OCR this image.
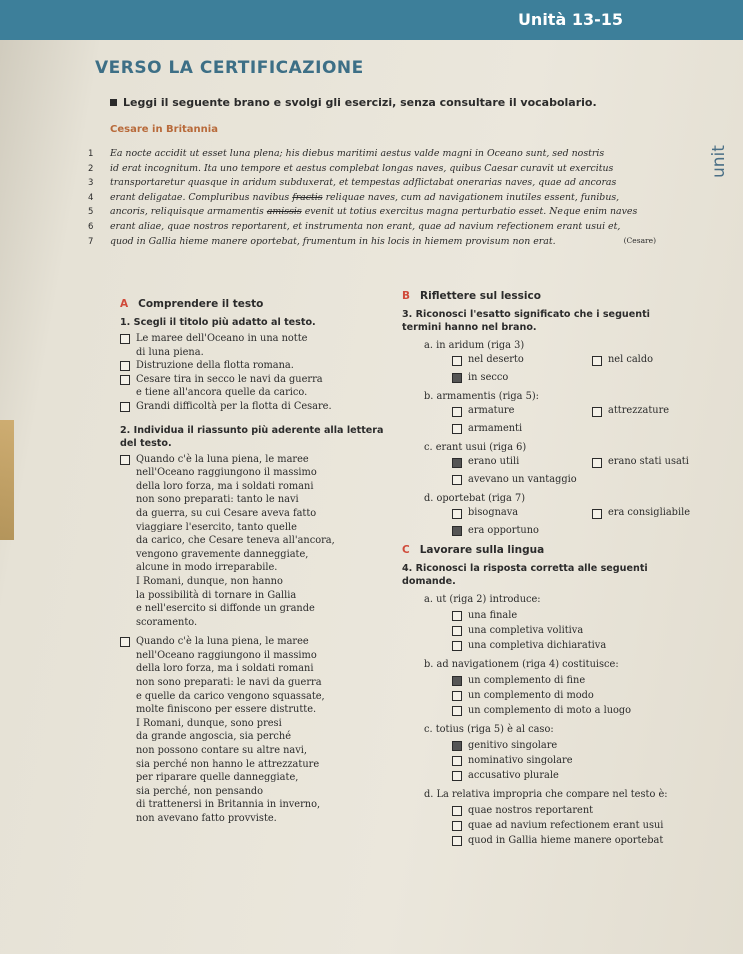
Unità 13-15
VERSO LA CERTIFICAZIONE
Leggi il seguente brano e svolgi gli esercizi, senza consultare il vocabolario.
Cesare in Britannia
1 Ea nocte accidit ut esset luna plena; his diebus maritimi aestus valde magni in Oceano sunt, sed nostris
2 id erat incognitum. Ita uno tempore et aestus complebat longas naves, quibus Caesar curavit ut exercitus
3 transportaretur quasque in aridum subduxerat, et tempestas adflictabat onerarias naves, quae ad ancoras
4 erant deligatae. Compluribus navibus fractis reliquae naves, cum ad navigationem inutiles essent, funibus,
5 ancoris, reliquisque armamentis amissis evenit ut totius exercitus magna perturbatio esset. Neque enim naves
6 erant aliae, quae nostros reportarent, et instrumenta non erant, quae ad navium refectionem erant usui et,
7 quod in Gallia hieme manere oportebat, frumentum in his locis in hiemem provisum non erat.	(Cesare)
unit
A Comprendere il testo
1. Scegli il titolo più adatto al testo.
Le maree dell'Oceano in una notte
di luna piena.
Distruzione della flotta romana.
Cesare tira in secco le navi da guerra
e tiene all'ancora quelle da carico.
Grandi difficoltà per la flotta di Cesare.
2. Individua il riassunto più aderente alla lettera del testo.
Quando c'è la luna piena, le maree
nell'Oceano raggiungono il massimo
della loro forza, ma i soldati romani
non sono preparati: tanto le navi
da guerra, su cui Cesare aveva fatto
viaggiare l'esercito, tanto quelle
da carico, che Cesare teneva all'ancora,
vengono gravemente danneggiate,
alcune in modo irreparabile.
I Romani, dunque, non hanno
la possibilità di tornare in Gallia
e nell'esercito si diffonde un grande
scoramento.
Quando c'è la luna piena, le maree
nell'Oceano raggiungono il massimo
della loro forza, ma i soldati romani
non sono preparati: le navi da guerra
e quelle da carico vengono squassate,
molte finiscono per essere distrutte.
I Romani, dunque, sono presi
da grande angoscia, sia perché
non possono contare su altre navi,
sia perché non hanno le attrezzature
per riparare quelle danneggiate,
sia perché, non pensando
di trattenersi in Britannia in inverno,
non avevano fatto provviste.
B Riflettere sul lessico
3. Riconosci l'esatto significato che i seguenti termini hanno nel brano.
a. in aridum (riga 3)
nel deserto	nel caldo
in secco
b. armamentis (riga 5):
armature	attrezzature
armamenti
c. erant usui (riga 6)
erano utili	erano stati usati
avevano un vantaggio
d. oportebat (riga 7)
bisognava	era consigliabile
era opportuno
C Lavorare sulla lingua
4. Riconosci la risposta corretta alle seguenti domande.
a. ut (riga 2) introduce:
una finale
una completiva volitiva
una completiva dichiarativa
b. ad navigationem (riga 4) costituisce:
un complemento di fine
un complemento di modo
un complemento di moto a luogo
c. totius (riga 5) è al caso:
genitivo singolare
nominativo singolare
accusativo plurale
d. La relativa impropria che compare nel testo è:
quae nostros reportarent
quae ad navium refectionem erant usui
quod in Gallia hieme manere oportebat
